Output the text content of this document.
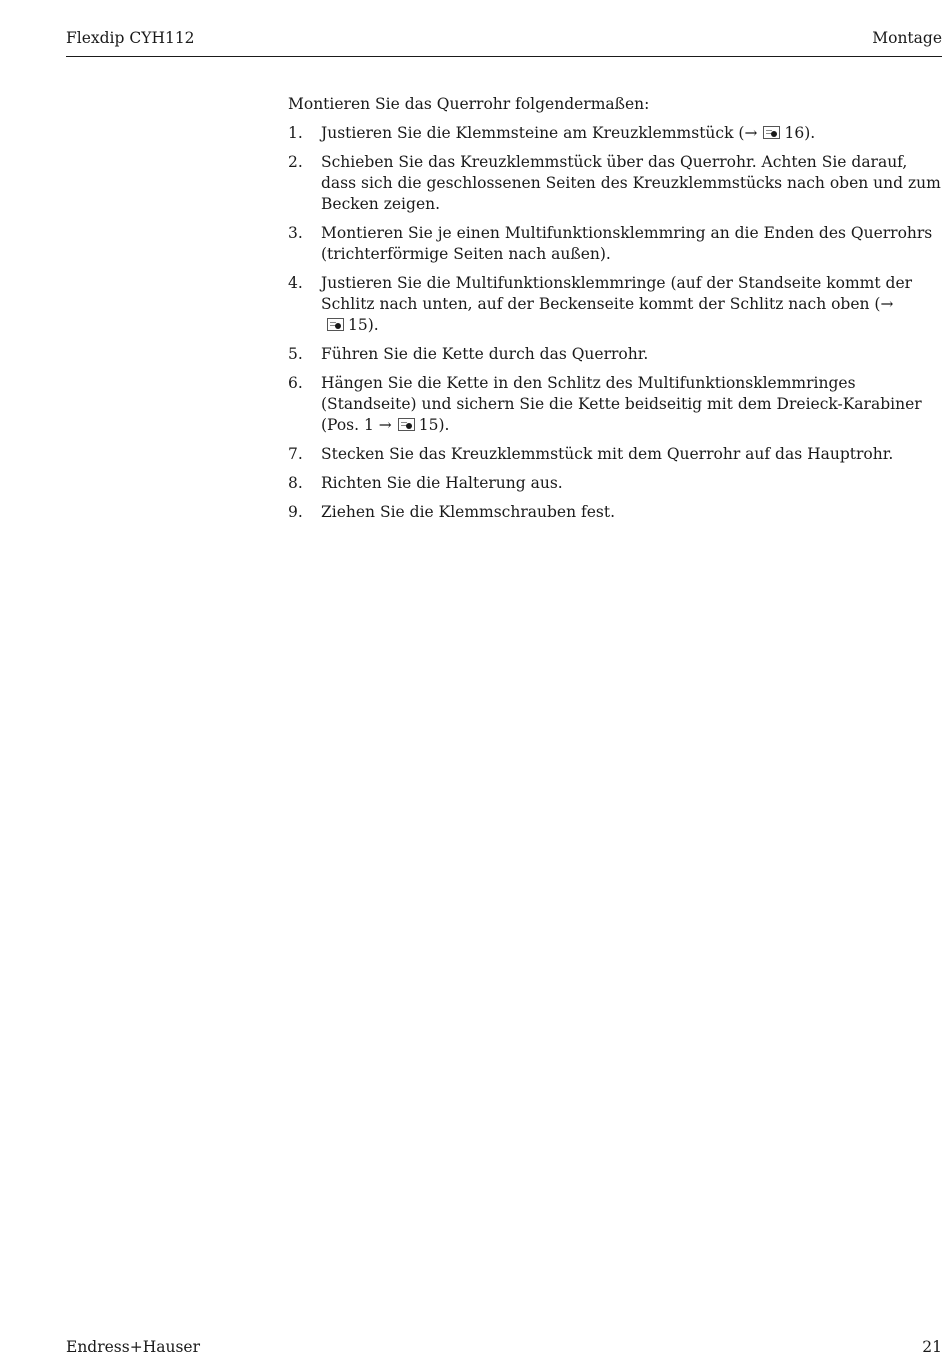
Flexdip CYH112	Montage

Montieren Sie das Querrohr folgendermaßen:

1. Justieren Sie die Klemmsteine am Kreuzklemmstück (→ 16).
2. Schieben Sie das Kreuzklemmstück über das Querrohr. Achten Sie darauf, dass sich die geschlossenen Seiten des Kreuzklemmstücks nach oben und zum Becken zeigen.
3. Montieren Sie je einen Multifunktionsklemmring an die Enden des Querrohrs (trichterförmige Seiten nach außen).
4. Justieren Sie die Multifunktionsklemmringe (auf der Standseite kommt der Schlitz nach unten, auf der Beckenseite kommt der Schlitz nach oben (→15).
5. Führen Sie die Kette durch das Querrohr.
6. Hängen Sie die Kette in den Schlitz des Multifunktionsklemmringes (Standseite) und sichern Sie die Kette beidseitig mit dem Dreieck-Karabiner (Pos. 1 → 15).
7. Stecken Sie das Kreuzklemmstück mit dem Querrohr auf das Hauptrohr.
8. Richten Sie die Halterung aus.
9. Ziehen Sie die Klemmschrauben fest.
Endress+Hauser	21
